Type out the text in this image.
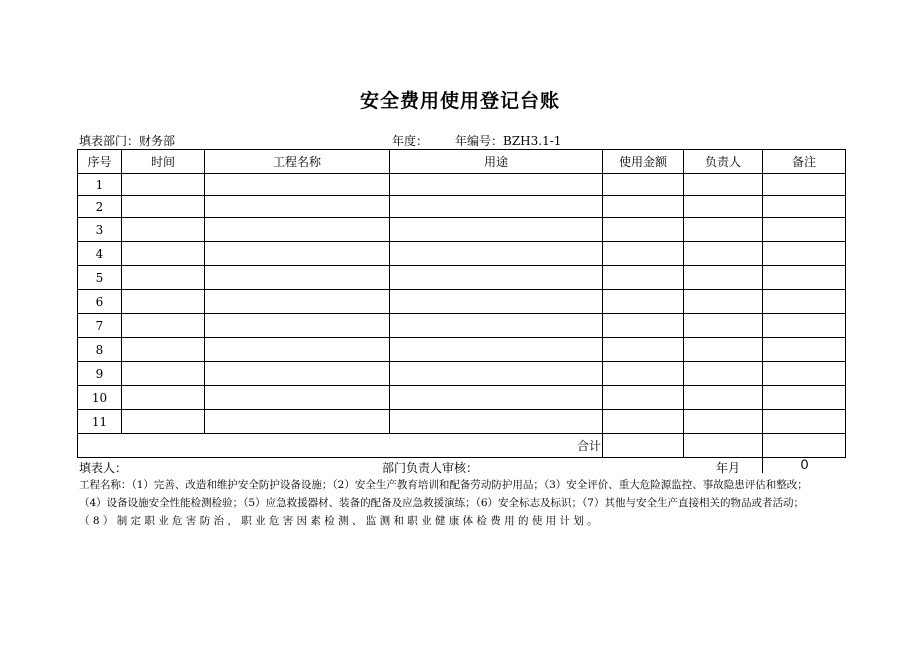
安全费用使用登记台账
填表部门：财务部	年度： 年编号：BZH3.1-1
序号	时间	工程名称	用途	使用金额	负责人	备注
1						
2						
3						
4						
5						
6						
7						
8						
9						
10						
11						
合计						
填表人：	部门负责人审核：	年月	0
工程名称：（1）完善、改造和维护安全防护设备设施；（2）安全生产教育培训和配备劳动防护用品；（3）安全评价、重大危险源监控、事故隐患评估和整改；
（4）设备设施安全性能检测检验；（5）应急救援器材、装备的配备及应急救援演练；（6）安全标志及标识；（7）其他与安全生产直接相关的物品或者活动；
（ 8 ） 制 定 职 业 危 害 防 治 ， 职 业 危 害 因 素 检 测 、 监 测 和 职 业 健 康 体 检 费 用 的 使 用 计 划 。
